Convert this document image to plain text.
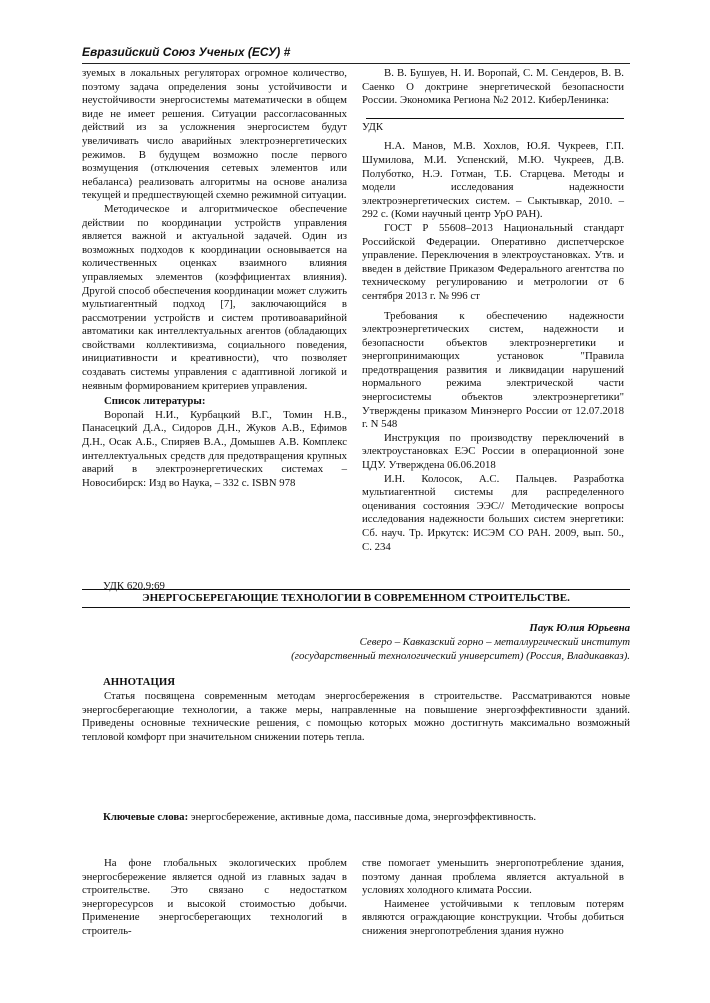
Евразийский Союз Ученых (ЕСУ) #

зуемых в локальных регуляторах огромное количество, поэтому задача определения зоны устойчивости и неустойчивости энергосистемы математически в общем виде не имеет решения. Ситуации рассогласованных действий из за усложнения энергосистем будут увеличивать число аварийных электроэнергетических режимов. В будущем возможно после первого возмущения (отключения сетевых элементов или небаланса) реализовать алгоритмы на основе анализа текущей и предшествующей схемно режимной ситуации.

Методическое и алгоритмическое обеспечение действии по координации устройств управления является важной и актуальной задачей. Один из возможных подходов к координации основывается на количественных оценках взаимного влияния управляемых элементов (коэффициентах влияния). Другой способ обеспечения координации может служить мультиагентный подход [7], заключающийся в рассмотрении устройств и систем противоаварийной автоматики как интеллектуальных агентов (обладающих свойствами коллективизма, социального поведения, инициативности и креативности), что позволяет создавать системы управления с адаптивной логикой и неявным формированием критериев управления.

Список литературы:

Воропай Н.И., Курбацкий В.Г., Томин Н.В., Панасецкий Д.А., Сидоров Д.Н., Жуков А.В., Ефимов Д.Н., Осак А.Б., Спиряев В.А., Домышев А.В. Комплекс интеллектуальных средств для предотвращения крупных аварий в электроэнергетических системах – Новосибирск: Изд во Наука, – 332 с. ISBN 978

В. В. Бушуев, Н. И. Воропай, С. М. Сендеров, В. В. Саенко О доктрине энергетической безопасности России. Экономика Региона №2 2012. КиберЛенинка:

УДК

Н.А. Манов, М.В. Хохлов, Ю.Я. Чукреев, Г.П. Шумилова, М.И. Успенский, М.Ю. Чукреев, Д.В. Полуботко, Н.Э. Готман, Т.Б. Старцева. Методы и модели исследования надежности электроэнергетических систем. – Сыктывкар, 2010. – 292 с. (Коми научный центр УрО РАН).

ГОСТ Р 55608–2013 Национальный стандарт Российской Федерации. Оперативно диспетчерское управление. Переключения в электроустановках. Утв. и введен в действие Приказом Федерального агентства по техническому регулированию и метрологии от 6 сентября 2013 г. № 996 ст

Требования к обеспечению надежности электроэнергетических систем, надежности и безопасности объектов электроэнергетики и энергопринимающих установок "Правила предотвращения развития и ликвидации нарушений нормального режима электрической части энергосистемы объектов электроэнергетики" Утверждены приказом Минэнерго России от 12.07.2018 г. N 548

Инструкция по производству переключений в электроустановках ЕЭС России в операционной зоне ЦДУ. Утверждена 06.06.2018

И.Н. Колосок, А.С. Пальцев. Разработка мультиагентной системы для распределенного оценивания состояния ЭЭС// Методические вопросы исследования надежности больших систем энергетики: Сб. науч. Тр. Иркутск: ИСЭМ СО РАН. 2009, вып. 50., С. 234

УДК 620.9:69
ЭНЕРГОСБЕРЕГАЮЩИЕ ТЕХНОЛОГИИ В СОВРЕМЕННОМ СТРОИТЕЛЬСТВЕ.
Паук Юлия Юрьевна

Северо – Кавказский горно – металлургический институт

(государственный технологический университет) (Россия, Владикавказ).

АННОТАЦИЯ

Статья посвящена современным методам энергосбережения в строительстве. Рассматриваются новые энергосберегающие технологии, а также меры, направленные на повышение энергоэффективности зданий. Приведены основные технические решения, с помощью которых можно достигнуть максимально возможный тепловой комфорт при значительном снижении потерь тепла.

Ключевые слова: энергосбережение, активные дома, пассивные дома, энергоэффективность.

На фоне глобальных экологических проблем энергосбережение является одной из главных задач в строительстве. Это связано с недостатком энергоресурсов и высокой стоимостью добычи. Применение энергосберегающих технологий в строитель-

стве помогает уменьшить энергопотребление здания, поэтому данная проблема является актуальной в условиях холодного климата России.

Наименее устойчивыми к тепловым потерям являются ограждающие конструкции. Чтобы добиться снижения энергопотребления здания нужно
